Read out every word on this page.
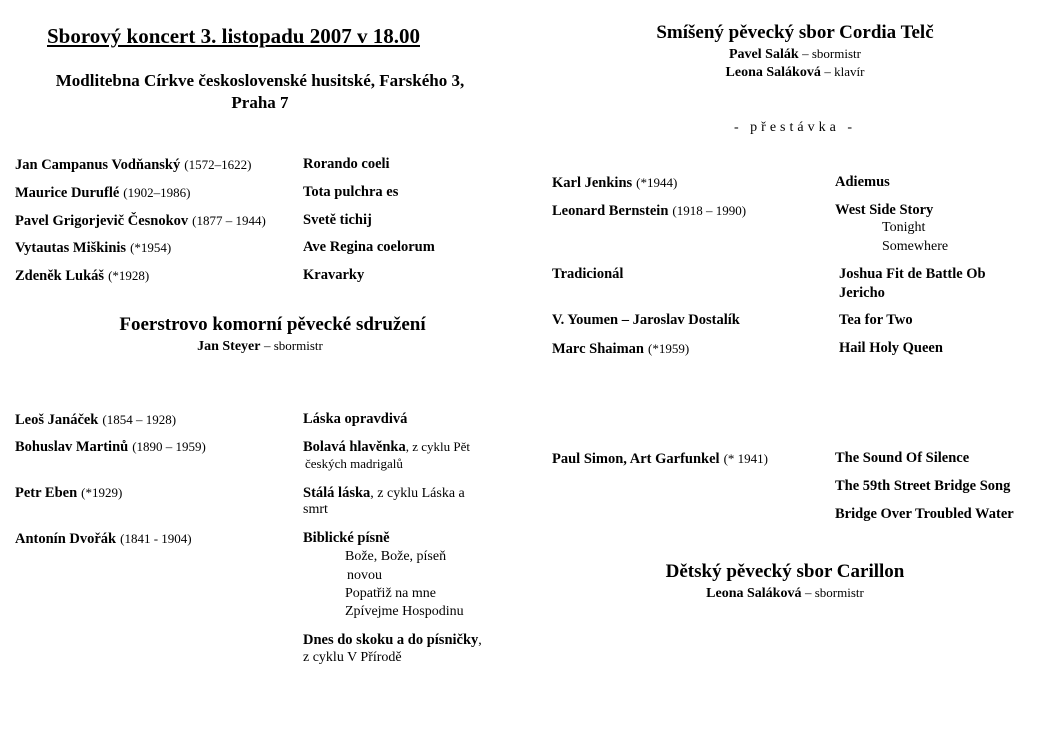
Sborový koncert 3. listopadu 2007 v 18.00
Modlitebna Církve československé husitské, Farského 3,
Praha 7
Jan Campanus Vodňanský (1572–1622)	Rorando coeli
Maurice Duruflé (1902–1986)	Tota pulchra es
Pavel Grigorjevič Česnokov (1877 – 1944)	Svetě tichij
Vytautas Miškinis (*1954)	Ave Regina coelorum
Zdeněk Lukáš (*1928)	Kravarky
Foerstrovo komorní pěvecké sdružení
Jan Steyer – sbormistr
Leoš Janáček (1854 – 1928)	Láska opravdivá
Bohuslav Martinů (1890 – 1959)	Bolavá hlavěnka, z cyklu Pět
českých madrigalů
Petr Eben (*1929)	Stálá láska, z cyklu Láska a
smrt
Antonín Dvořák (1841 - 1904)	Biblické písně
Bože, Bože, píseň
novou
Popatřiž na mne
Zpívejme Hospodinu
Dnes do skoku a do písničky,
z cyklu V Přírodě
Smíšený pěvecký sbor Cordia Telč
Pavel Salák – sbormistr
Leona Saláková – klavír
- přestávka -
Karl Jenkins (*1944)	Adiemus
Leonard Bernstein (1918 – 1990)	West Side Story
Tonight
Somewhere
Tradicionál	Joshua Fit de Battle Ob
Jericho
V. Youmen – Jaroslav Dostalík	Tea for Two
Marc Shaiman (*1959)	Hail Holy Queen
Paul Simon, Art Garfunkel (* 1941)	The Sound Of Silence
The 59th Street Bridge Song
Bridge Over Troubled Water
Dětský pěvecký sbor Carillon
Leona Saláková – sbormistr
